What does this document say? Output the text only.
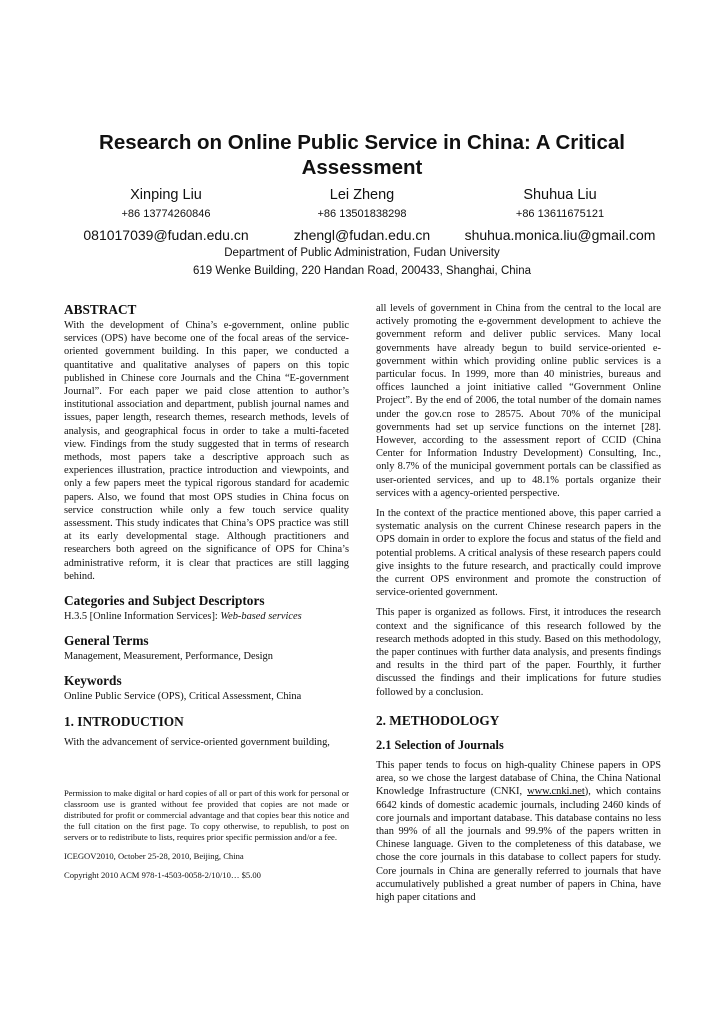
Research on Online Public Service in China: A Critical Assessment
Xinping Liu
+86 13774260846
081017039@fudan.edu.cn
Lei Zheng
+86 13501838298
zhengl@fudan.edu.cn
Shuhua Liu
+86 13611675121
shuhua.monica.liu@gmail.com
Department of Public Administration, Fudan University
619 Wenke Building, 220 Handan Road, 200433, Shanghai, China
ABSTRACT

With the development of China’s e-government, online public services (OPS) have become one of the focal areas of the service-oriented government building. In this paper, we conducted a quantitative and qualitative analyses of papers on this topic published in Chinese core Journals and the China “E-government Journal”. For each paper we paid close attention to author’s institutional association and department, publish journal names and issues, paper length, research themes, research methods, levels of analysis, and geographical focus in order to take a multi-faceted view. Findings from the study suggested that in terms of research methods, most papers take a descriptive approach such as experiences illustration, practice introduction and viewpoints, and only a few papers meet the typical rigorous standard for academic papers. Also, we found that most OPS studies in China focus on service construction while only a few touch service quality assessment. This study indicates that China’s OPS practice was still at its early developmental stage. Although practitioners and researchers both agreed on the significance of OPS for China’s administrative reform, it is clear that practices are still lagging behind.

Categories and Subject Descriptors

H.3.5 [Online Information Services]: Web-based services

General Terms

Management, Measurement, Performance, Design

Keywords

Online Public Service (OPS), Critical Assessment, China

1. INTRODUCTION

With the advancement of service-oriented government building,

Permission to make digital or hard copies of all or part of this work for personal or classroom use is granted without fee provided that copies are not made or distributed for profit or commercial advantage and that copies bear this notice and the full citation on the first page. To copy otherwise, to republish, to post on servers or to redistribute to lists, requires prior specific permission and/or a fee.

ICEGOV2010, October 25-28, 2010, Beijing, China

Copyright 2010 ACM 978-1-4503-0058-2/10/10… $5.00

all levels of government in China from the central to the local are actively promoting the e-government development to achieve the government reform and deliver public services. Many local governments have already begun to build service-oriented e-government within which providing online public services is a particular focus. In 1999, more than 40 ministries, bureaus and offices launched a joint initiative called “Government Online Project”. By the end of 2006, the total number of the domain names under the gov.cn rose to 28575. About 70% of the municipal governments had set up service functions on the internet [28]. However, according to the assessment report of CCID (China Center for Information Industry Development) Consulting, Inc., only 8.7% of the municipal government portals can be classified as user-oriented services, and up to 48.1% portals organize their services with a agency-oriented perspective.

In the context of the practice mentioned above, this paper carried a systematic analysis on the current Chinese research papers in the OPS domain in order to explore the focus and status of the field and potential problems. A critical analysis of these research papers could give insights to the future research, and practically could improve the current OPS environment and promote the construction of service-oriented government.

This paper is organized as follows. First, it introduces the research context and the significance of this research followed by the research methods adopted in this study. Based on this methodology, the paper continues with further data analysis, and presents findings and results in the third part of the paper. Fourthly, it further discussed the findings and their implications for future studies followed by a conclusion.

2. METHODOLOGY
2.1 Selection of Journals

This paper tends to focus on high-quality Chinese papers in OPS area, so we chose the largest database of China, the China National Knowledge Infrastructure (CNKI, www.cnki.net), which contains 6642 kinds of domestic academic journals, including 2460 kinds of core journals and important database. This database contains no less than 99% of all the journals and 99.9% of the papers written in Chinese language. Given to the completeness of this database, we chose the core journals in this database to collect papers for study. Core journals in China are generally referred to journals that have accumulatively published a great number of papers in China, have high paper citations and
